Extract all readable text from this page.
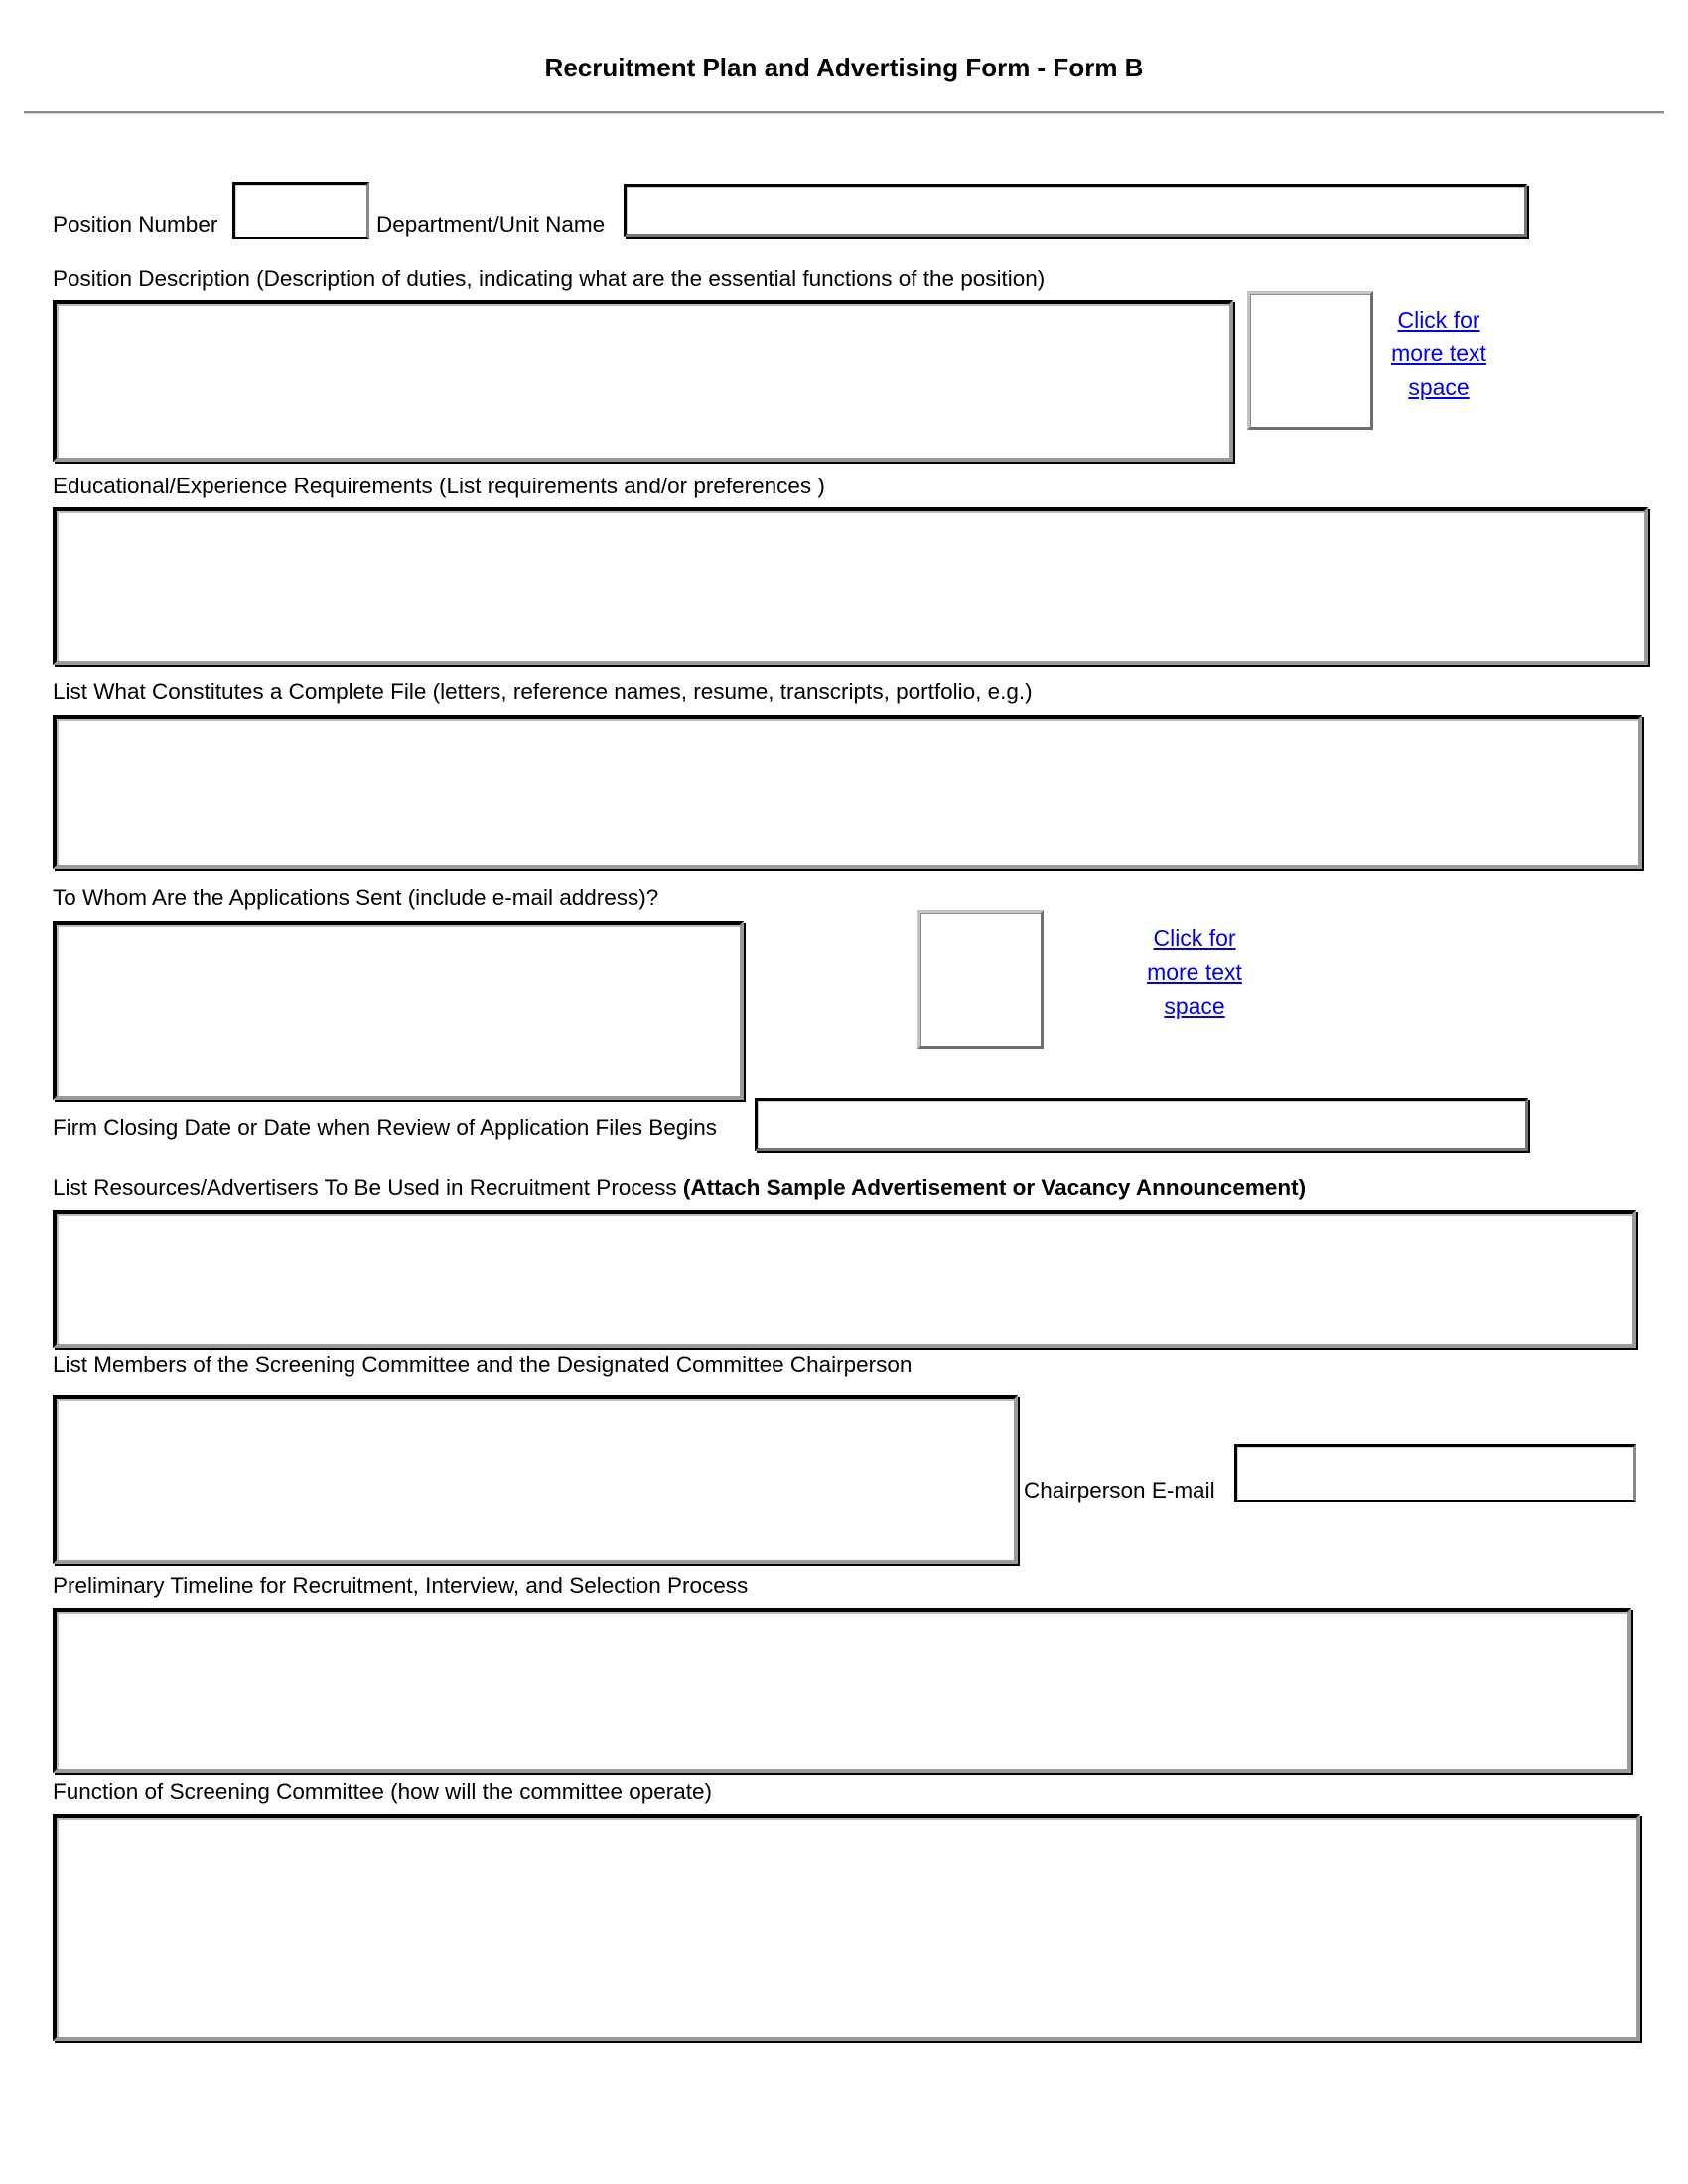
Recruitment Plan and Advertising Form - Form B
Position Number	Department/Unit Name
Position Description (Description of duties, indicating what are the essential functions of the position)
Click for
more text
space
Educational/Experience Requirements (List requirements and/or preferences )
List What Constitutes a Complete File (letters, reference names, resume, transcripts, portfolio, e.g.)
To Whom Are the Applications Sent (include e-mail address)?
Click for
more text
space
Firm Closing Date or Date when Review of Application Files Begins
List Resources/Advertisers To Be Used in Recruitment Process (Attach Sample Advertisement or Vacancy Announcement)
List Members of the Screening Committee and the Designated Committee Chairperson
Chairperson E-mail
Preliminary Timeline for Recruitment, Interview, and Selection Process
Function of Screening Committee (how will the committee operate)
